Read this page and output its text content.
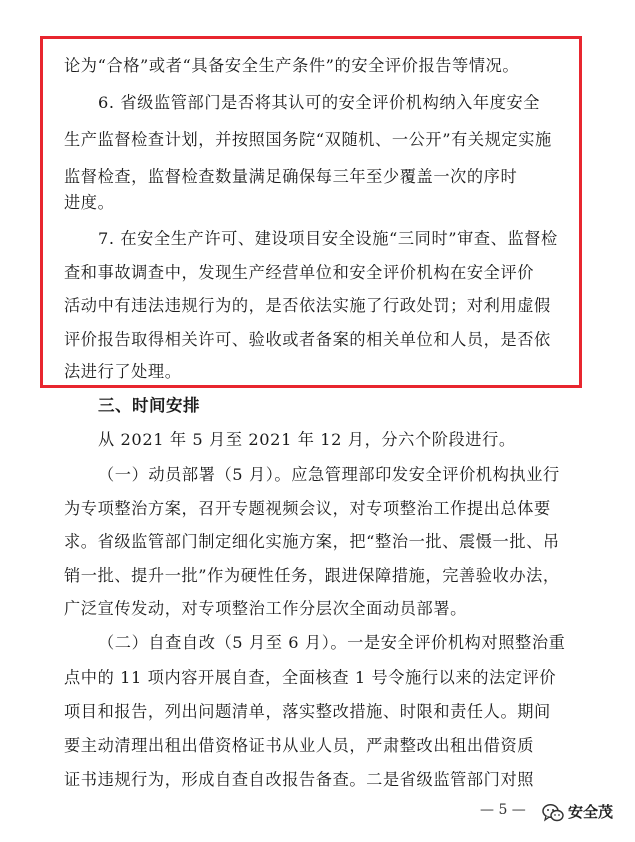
论为“合格”或者“具备安全生产条件”的安全评价报告等情况。
6. 省级监管部门是否将其认可的安全评价机构纳入年度安全
生产监督检查计划，并按照国务院“双随机、一公开”有关规定实施
监督检查，监督检查数量满足确保每三年至少覆盖一次的序时
进度。
7. 在安全生产许可、建设项目安全设施“三同时”审查、监督检
查和事故调查中，发现生产经营单位和安全评价机构在安全评价
活动中有违法违规行为的，是否依法实施了行政处罚；对利用虚假
评价报告取得相关许可、验收或者备案的相关单位和人员，是否依
法进行了处理。
三、时间安排
从 2021 年 5 月至 2021 年 12 月，分六个阶段进行。
（一）动员部署（5 月）。应急管理部印发安全评价机构执业行
为专项整治方案，召开专题视频会议，对专项整治工作提出总体要
求。省级监管部门制定细化实施方案，把“整治一批、震慑一批、吊
销一批、提升一批”作为硬性任务，跟进保障措施，完善验收办法，
广泛宣传发动，对专项整治工作分层次全面动员部署。
（二）自查自改（5 月至 6 月）。一是安全评价机构对照整治重
点中的 11 项内容开展自查，全面核查 1 号令施行以来的法定评价
项目和报告，列出问题清单，落实整改措施、时限和责任人。期间
要主动清理出租出借资格证书从业人员，严肃整改出租出借资质
证书违规行为，形成自查自改报告备查。二是省级监管部门对照
— 5 —	安全茂
